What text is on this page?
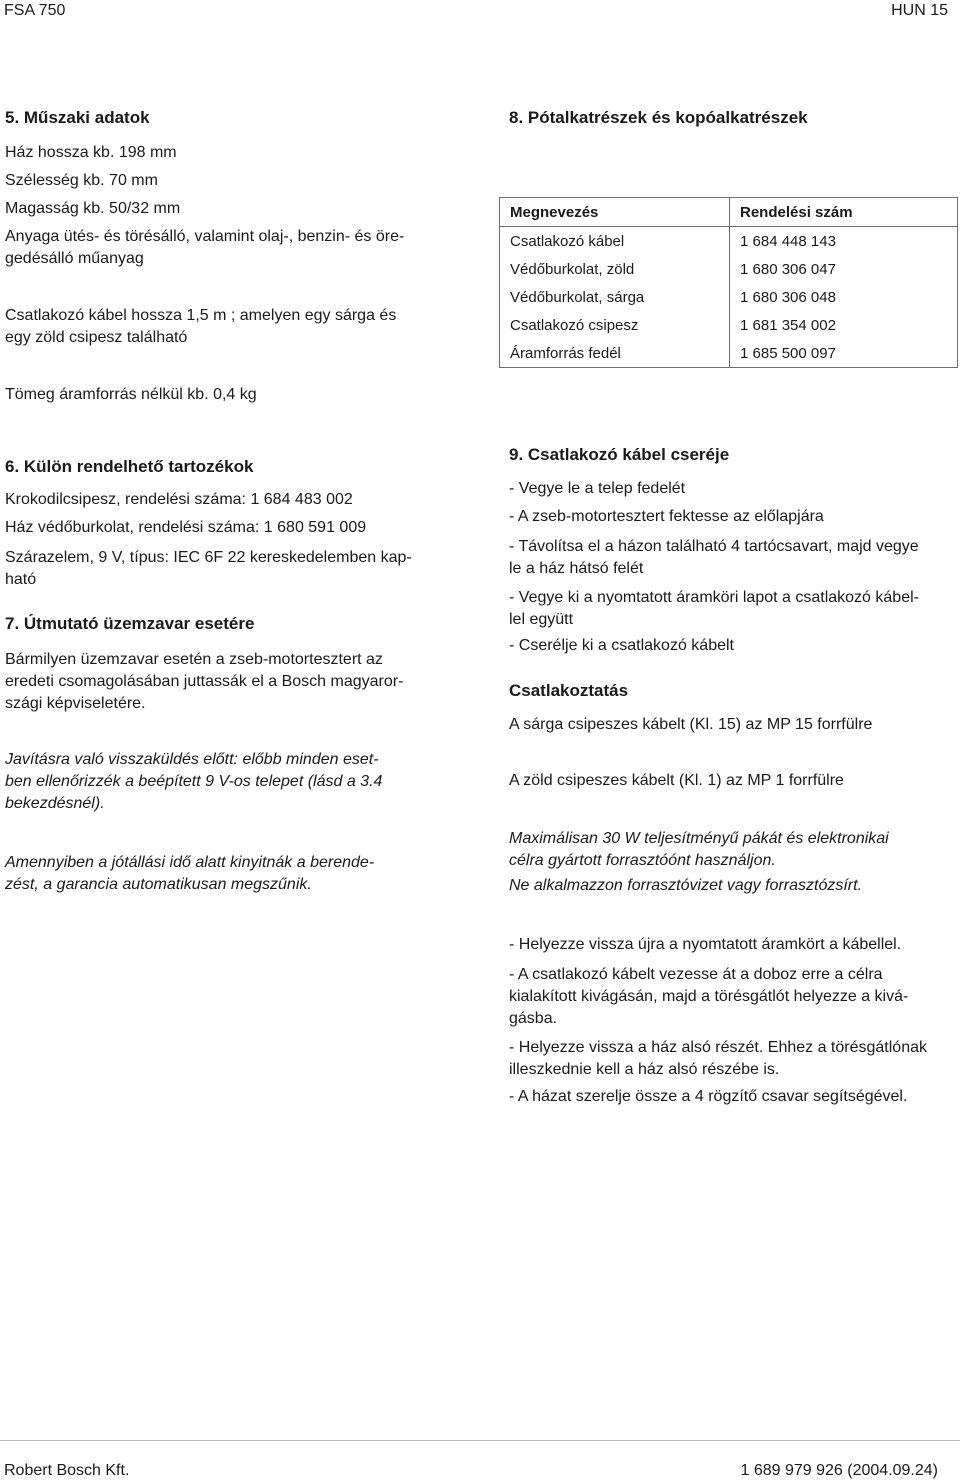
FSA 750	HUN 15
5. Műszaki adatok

Ház hossza kb. 198 mm

Szélesség kb. 70 mm

Magasság kb. 50/32 mm

Anyaga ütés- és törésálló, valamint olaj-, benzin- és öre-

gedésálló műanyag

Csatlakozó kábel hossza 1,5 m ; amelyen egy sárga és

egy zöld csipesz található

Tömeg áramforrás nélkül kb. 0,4 kg
8. Pótalkatrészek és kopóalkatrészek
Megnevezés	Rendelési szám
Csatlakozó kábel	1 684 448 143
Védőburkolat, zöld	1 680 306 047
Védőburkolat, sárga	1 680 306 048
Csatlakozó csipesz	1 681 354 002
Áramforrás fedél	1 685 500 097
6. Külön rendelhető tartozékok
Krokodilcsipesz, rendelési száma: 1 684 483 002
Ház védőburkolat, rendelési száma: 1 680 591 009

Szárazelem, 9 V, típus: IEC 6F 22 kereskedelemben kap-

ható

7. Útmutató üzemzavar esetére

Bármilyen üzemzavar esetén a zseb-motortesztert az

eredeti csomagolásában juttassák el a Bosch magyaror-

szági képviseletére.

Javításra való visszaküldés előtt: előbb minden eset-

ben ellenőrizzék a beépített 9 V-os telepet (lásd a 3.4

bekezdésnél).

Amennyiben a jótállási idő alatt kinyitnák a berende-

zést, a garancia automatikusan megszűnik.

9. Csatlakozó kábel cseréje
- Vegye le a telep fedelét
- A zseb-motortesztert fektesse az előlapjára

- Távolítsa el a házon található 4 tartócsavart, majd vegye

le a ház hátsó felét

- Vegye ki a nyomtatott áramköri lapot a csatlakozó kábel-

lel együtt

- Cserélje ki a csatlakozó kábelt
Csatlakoztatás
A sárga csipeszes kábelt (Kl. 15) az MP 15 forrfülre
A zöld csipeszes kábelt (Kl. 1) az MP 1 forrfülre

Maximálisan 30 W teljesítményű pákát és elektronikai

célra gyártott forrasztóónt használjon.

Ne alkalmazzon forrasztóvizet vagy forrasztózsírt.

- Helyezze vissza újra a nyomtatott áramkört a kábellel.

- A csatlakozó kábelt vezesse át a doboz erre a célra

kialakított kivágásán, majd a törésgátlót helyezze a kivá-

gásba.

- Helyezze vissza a ház alsó részét. Ehhez a törésgátlónak

illeszkednie kell a ház alsó részébe is.

- A házat szerelje össze a 4 rögzítő csavar segítségével.
Robert Bosch Kft.	1 689 979 926 (2004.09.24)
